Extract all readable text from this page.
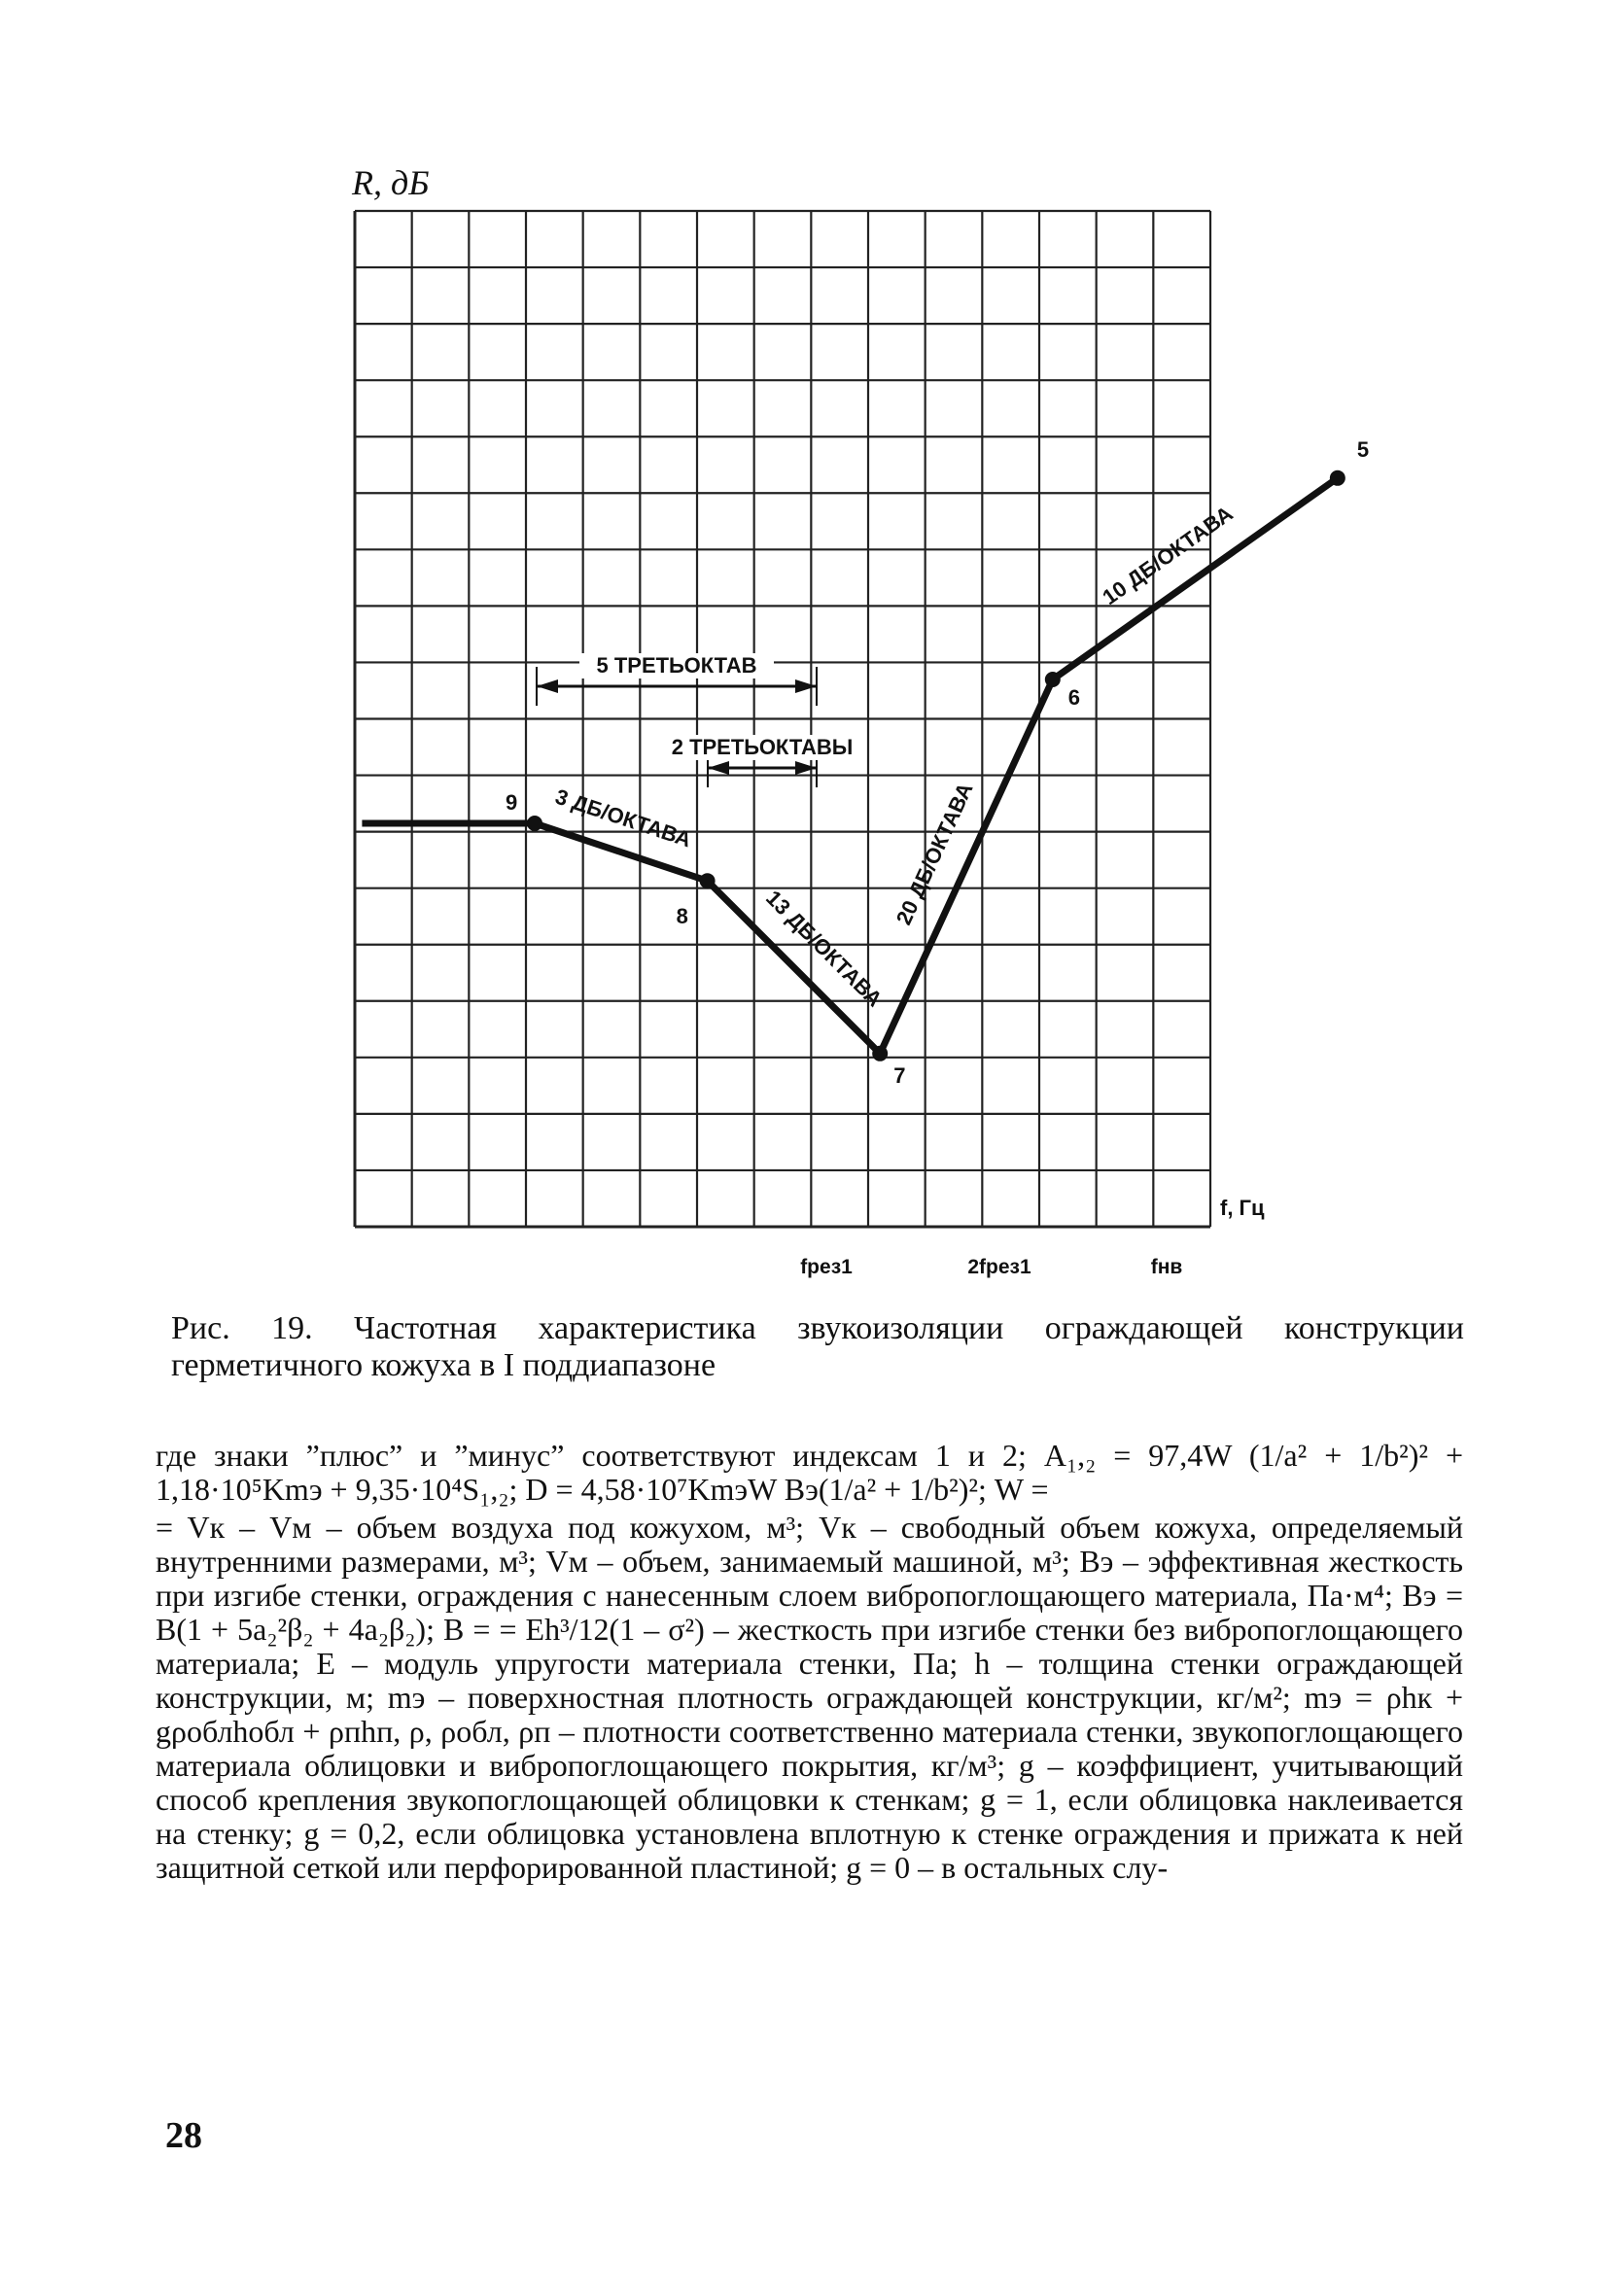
9
8
7
6
5
3 ДБ/ОКТАВА
13 ДБ/ОКТАВА
20 ДБ/ОКТАВА
10 ДБ/ОКТАВА
5 ТРЕТЬОКТАВ
2 ТРЕТЬОКТАВЫ
fрез1	2fрез1	fнв
R, дБ
f, Гц
Рис. 19. Частотная характеристика звукоизоляции ограждающей конструкции герметичного кожуха в I поддиапазоне

где знаки ”плюс” и ”минус” соответствуют индексам 1 и 2; A₁,₂ = 97,4W (1/a² + 1/b²)² + 1,18·10⁵Kmэ + 9,35·10⁴S₁,₂; D = 4,58·10⁷KmэW Bэ(1/a² + 1/b²)²; W =

= Vк – Vм – объем воздуха под кожухом, м³; Vк – свободный объем кожуха, определяемый внутренними размерами, м³; Vм – объем, занимаемый машиной, м³; Bэ – эффективная жесткость при изгибе стенки, ограждения с нанесенным слоем вибропоглощающего материала, Па·м⁴; Bэ = B(1 + 5a₂²β₂ + 4a₂β₂); B = = Eh³/12(1 – σ²) – жесткость при изгибе стенки без вибропоглощающего материала; E – модуль упругости материала стенки, Па; h – толщина стенки ограждающей конструкции, м; mэ – поверхностная плотность ограждающей конструкции, кг/м²; mэ = ρhк + gρоблhобл + ρпhп, ρ, ρобл, ρп – плотности соответственно материала стенки, звукопоглощающего материала облицовки и вибропоглощающего покрытия, кг/м³; g – коэффициент, учитывающий способ крепления звукопоглощающей облицовки к стенкам; g = 1, если облицовка наклеивается на стенку; g = 0,2, если облицовка установлена вплотную к стенке ограждения и прижата к ней защитной сеткой или перфорированной пластиной; g = 0 – в остальных слу-

28
